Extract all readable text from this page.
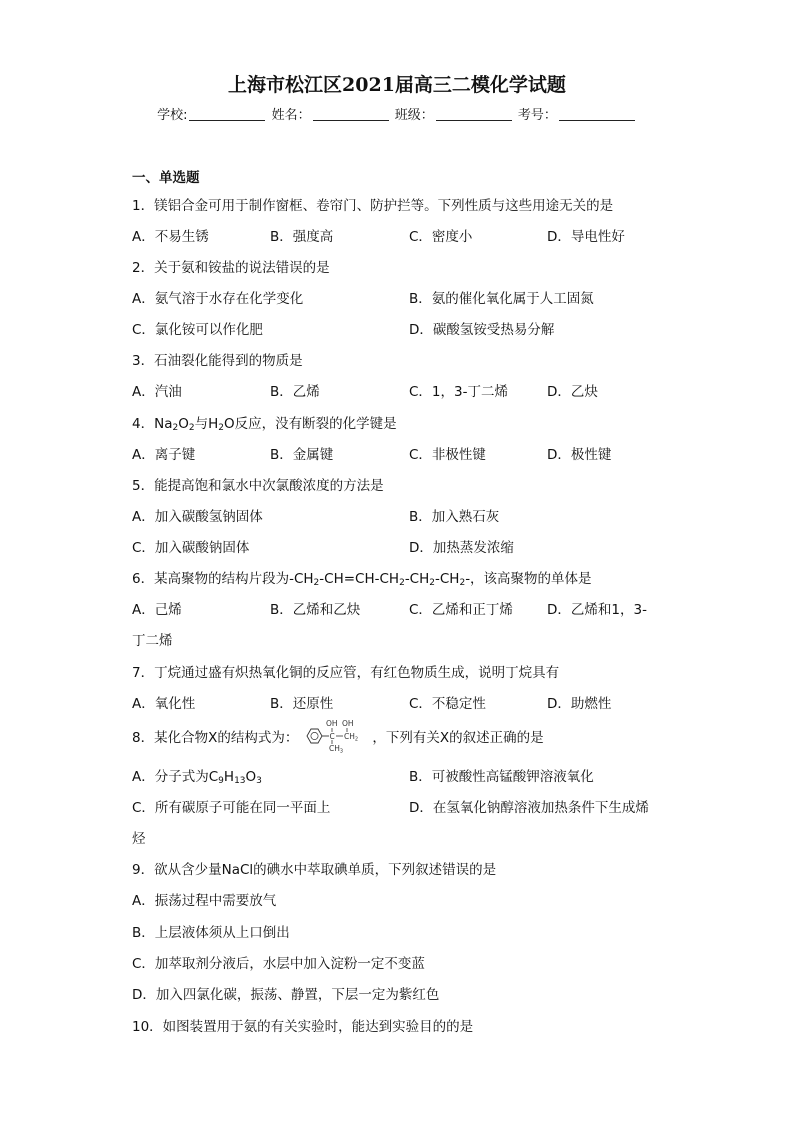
上海市松江区2021届高三二模化学试题
学校:	姓名：	班级：	考号：
一、单选题
1．镁铝合金可用于制作窗框、卷帘门、防护拦等。下列性质与这些用途无关的是
A．不易生锈	B．强度高	C．密度小	D．导电性好
2．关于氨和铵盐的说法错误的是
A．氨气溶于水存在化学变化	B．氨的催化氧化属于人工固氮
C．氯化铵可以作化肥	D．碳酸氢铵受热易分解
3．石油裂化能得到的物质是
A．汽油	B．乙烯	C．1，3-丁二烯	D．乙炔
4．$Na_2O_2$与$H_2O$反应，没有断裂的化学键是
A．离子键	B．金属键	C．非极性键	D．极性键
5．能提高饱和氯水中次氯酸浓度的方法是
A．加入碳酸氢钠固体	B．加入熟石灰
C．加入碳酸钠固体	D．加热蒸发浓缩
6．某高聚物的结构片段为$-CH_2-CH=CH-CH_2-CH_2-CH_2-$，该高聚物的单体是
A．己烯	B．乙烯和乙炔	C．乙烯和正丁烯	D．乙烯和1，3-
丁二烯
7．丁烷通过盛有炽热氧化铜的反应管，有红色物质生成，说明丁烷具有
A．氧化性	B．还原性	C．不稳定性	D．助燃性
8．某化合物X的结构式为：
OH OH
C $CH_2$
$CH_3$
，下列有关X的叙述正确的是
A．分子式为$C_9H_{13}O_3$	B．可被酸性高锰酸钾溶液氧化
C．所有碳原子可能在同一平面上	D．在氢氧化钠醇溶液加热条件下生成烯
烃
9．欲从含少量NaCl的碘水中萃取碘单质，下列叙述错误的是
A．振荡过程中需要放气
B．上层液体须从上口倒出
C．加萃取剂分液后，水层中加入淀粉一定不变蓝
D．加入四氯化碳，振荡、静置，下层一定为紫红色
10．如图装置用于氨的有关实验时，能达到实验目的的是
